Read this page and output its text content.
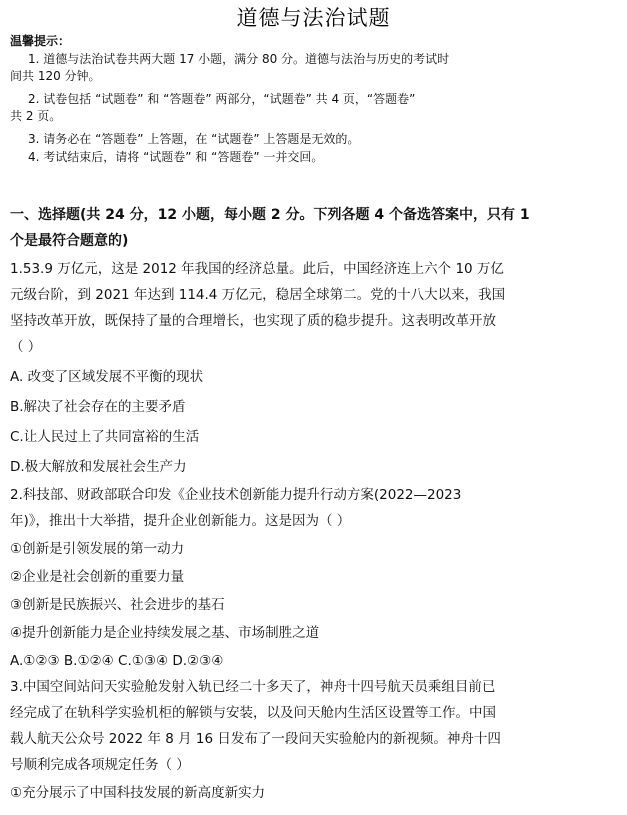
道德与法治试题
温馨提示：
1. 道德与法治试卷共两大题 17 小题，满分 80 分。道德与法治与历史的考试时
间共 120 分钟。
2. 试卷包括 “试题卷” 和 “答题卷” 两部分，“试题卷” 共 4 页，“答题卷”
共 2 页。
3. 请务必在 “答题卷” 上答题，在 “试题卷” 上答题是无效的。
4. 考试结束后，请将 “试题卷” 和 “答题卷” 一并交回。
一、选择题(共 24 分，12 小题，每小题 2 分。下列各题 4 个备选答案中，只有 1
个是最符合题意的)
1.53.9 万亿元，这是 2012 年我国的经济总量。此后，中国经济连上六个 10 万亿
元级台阶，到 2021 年达到 114.4 万亿元，稳居全球第二。党的十八大以来，我国
坚持改革开放，既保持了量的合理增长，也实现了质的稳步提升。这表明改革开放
（ ）
A. 改变了区域发展不平衡的现状
B.解决了社会存在的主要矛盾
C.让人民过上了共同富裕的生活
D.极大解放和发展社会生产力
2.科技部、财政部联合印发《企业技术创新能力提升行动方案(2022—2023
年)》，推出十大举措，提升企业创新能力。这是因为（ ）
①创新是引领发展的第一动力
②企业是社会创新的重要力量
③创新是民族振兴、社会进步的基石
④提升创新能力是企业持续发展之基、市场制胜之道
A.①②③ B.①②④ C.①③④ D.②③④
3.中国空间站问天实验舱发射入轨已经二十多天了，神舟十四号航天员乘组目前已
经完成了在轨科学实验机柜的解锁与安装，以及问天舱内生活区设置等工作。中国
载人航天公众号 2022 年 8 月 16 日发布了一段问天实验舱内的新视频。神舟十四
号顺利完成各项规定任务（ ）
①充分展示了中国科技发展的新高度新实力
